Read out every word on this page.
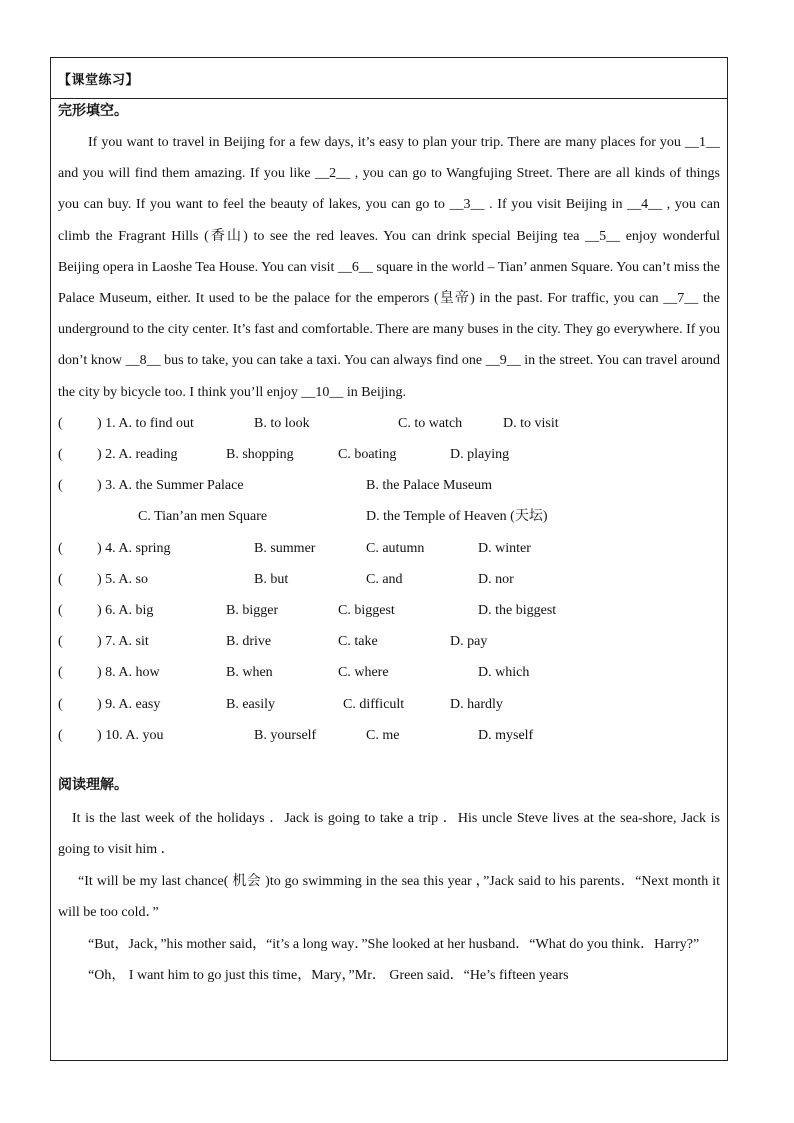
【课堂练习】
完形填空。

If you want to travel in Beijing for a few days, it’s easy to plan your trip. There are many places for you __1__ and you will find them amazing. If you like __2__ , you can go to Wangfujing Street. There are all kinds of things you can buy. If you want to feel the beauty of lakes, you can go to __3__ . If you visit Beijing in __4__ , you can climb the Fragrant Hills (香山) to see the red leaves. You can drink special Beijing tea __5__ enjoy wonderful Beijing opera in Laoshe Tea House. You can visit __6__ square in the world – Tian’ anmen Square. You can’t miss the Palace Museum, either. It used to be the palace for the emperors (皇帝) in the past. For traffic, you can __7__ the underground to the city center. It’s fast and comfortable. There are many buses in the city. They go everywhere. If you don’t know __8__ bus to take, you can take a taxi. You can always find one __9__ in the street. You can travel around the city by bicycle too. I think you’ll enjoy __10__ in Beijing.

( ) 1. A. to find out	B. to look	C. to watch	D. to visit
( ) 2. A. reading	B. shopping	C. boating	D. playing
( ) 3. A. the Summer Palace	B. the Palace Museum
C. Tian’an men Square	D. the Temple of Heaven (天坛)
( ) 4. A. spring	B. summer	C. autumn	D. winter
( ) 5. A. so	B. but	C. and	D. nor
( ) 6. A. big	B. bigger	C. biggest	D. the biggest
( ) 7. A. sit	B. drive	C. take	D. pay
( ) 8. A. how	B. when	C. where	D. which
( ) 9. A. easy	B. easily	C. difficult	D. hardly
( ) 10. A. you	B. yourself	C. me	D. myself
阅读理解。

It is the last week of the holidays ．Jack is going to take a trip ．His uncle Steve lives at the sea-shore, Jack is going to visit him ．

“It will be my last chance( 机会 )to go swimming in the sea this year ，”Jack said to his parents．“Next month it will be too cold．”

“But，Jack，”his mother said，“it’s a long way．”She looked at her husband．“What do you think．Harry?”

“Oh， I want him to go just this time，Mary，”Mr． Green said．“He’s fifteen years
